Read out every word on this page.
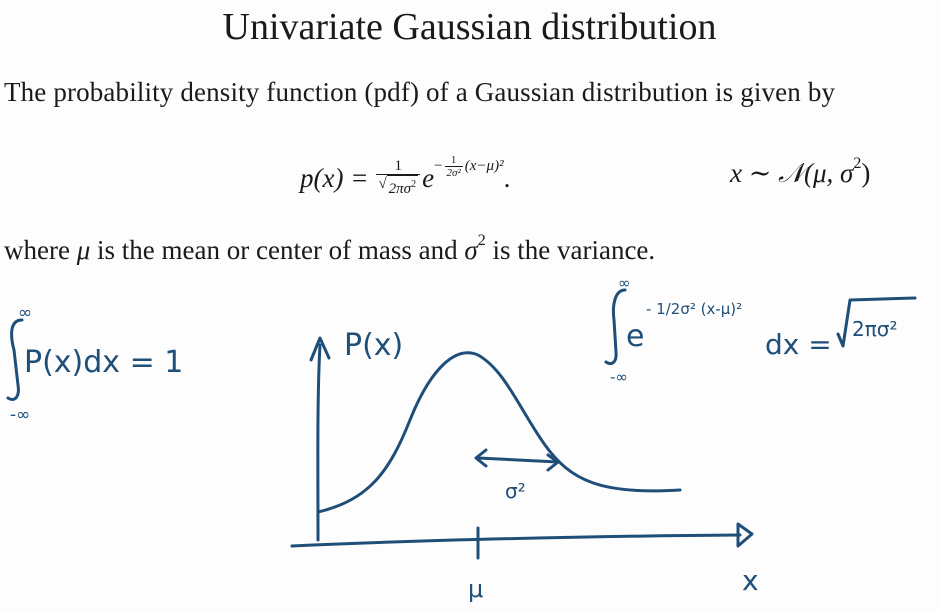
Univariate Gaussian distribution
The probability density function (pdf) of a Gaussian distribution is given by
$p(x) = \frac{1}{√ 2\pi\sigma^2}$ $e - \frac{1}{\text{2σ²}} (x-\mu)^2$ .	x ∼ 𝒩(μ, $\sigma^2$)
where μ is the mean or center of mass and $\sigma^2$ is the variance.
∞
-∞
P(x)dx = 1	P(x)
μ	x
σ²
∞
-∞
e
- 1/2σ² (x-μ)²
dx = 2πσ²
